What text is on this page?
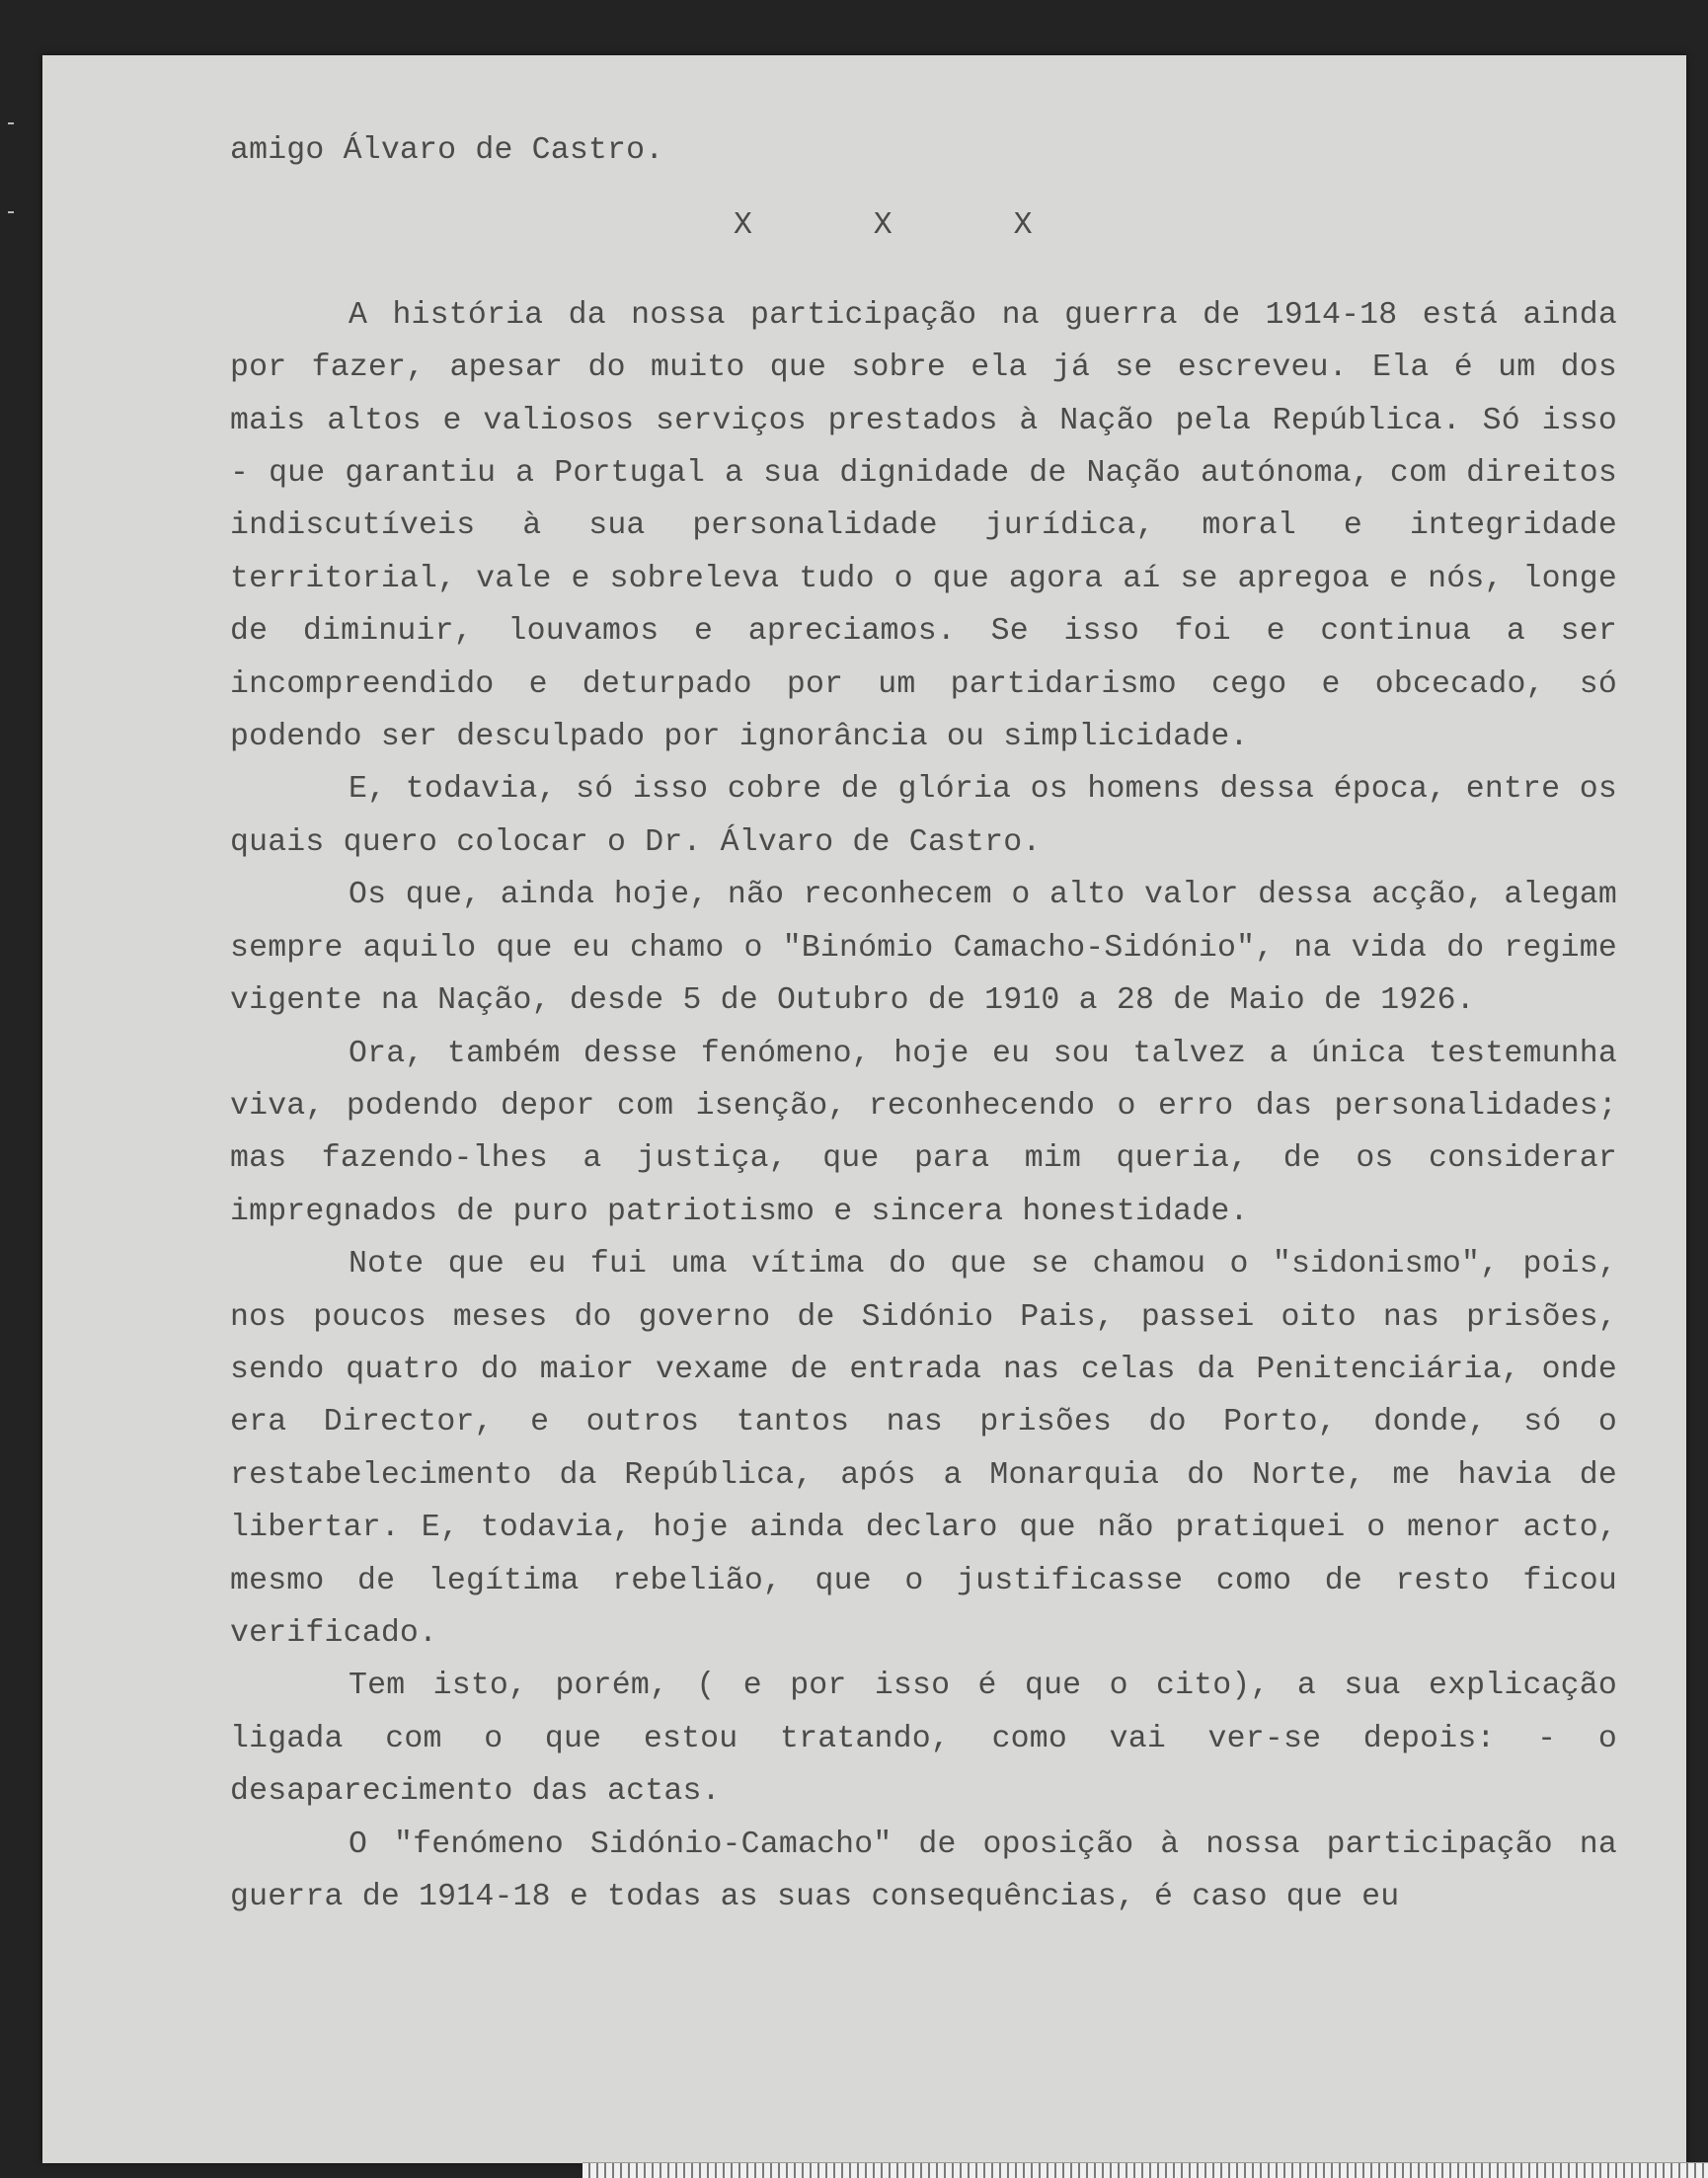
amigo Álvaro de Castro.

X X X

A história da nossa participação na guerra de 1914-18 está ainda por fazer, apesar do muito que sobre ela já se escreveu. Ela é um dos mais altos e valiosos serviços prestados à Nação pela República. Só isso - que garantiu a Portugal a sua dignidade de Nação autónoma, com direitos indiscutíveis à sua personalidade jurídica, moral e integridade territorial, vale e sobreleva tudo o que agora aí se apregoa e nós, longe de diminuir, louvamos e apreciamos. Se isso foi e continua a ser incompreendido e deturpado por um partidarismo cego e obcecado, só podendo ser desculpado por ignorância ou simplicidade.

E, todavia, só isso cobre de glória os homens dessa época, entre os quais quero colocar o Dr. Álvaro de Castro.

Os que, ainda hoje, não reconhecem o alto valor dessa acção, alegam sempre aquilo que eu chamo o "Binómio Camacho-Sidónio", na vida do regime vigente na Nação, desde 5 de Outubro de 1910 a 28 de Maio de 1926.

Ora, também desse fenómeno, hoje eu sou talvez a única testemunha viva, podendo depor com isenção, reconhecendo o erro das personalidades; mas fazendo-lhes a justiça, que para mim queria, de os considerar impregnados de puro patriotismo e sincera honestidade.

Note que eu fui uma vítima do que se chamou o "sidonismo", pois, nos poucos meses do governo de Sidónio Pais, passei oito nas prisões, sendo quatro do maior vexame de entrada nas celas da Penitenciária, onde era Director, e outros tantos nas prisões do Porto, donde, só o restabelecimento da República, após a Monarquia do Norte, me havia de libertar. E, todavia, hoje ainda declaro que não pratiquei o menor acto, mesmo de legítima rebelião, que o justificasse como de resto ficou verificado.

Tem isto, porém, ( e por isso é que o cito), a sua explicação ligada com o que estou tratando, como vai ver-se depois: - o desaparecimento das actas.

O "fenómeno Sidónio-Camacho" de oposição à nossa participação na guerra de 1914-18 e todas as suas consequências, é caso que eu
